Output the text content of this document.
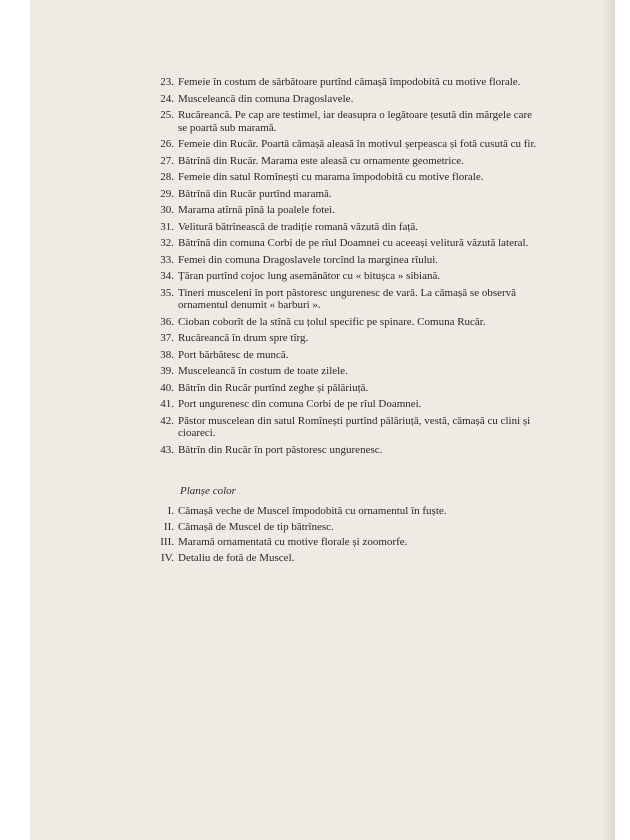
23. Femeie în costum de sărbătoare purtînd cămașă împodobită cu motive florale.
24. Musceleancă din comuna Dragoslavele.
25. Rucăreancă. Pe cap are testimel, iar deasupra o legătoare țesută din mărgele care se poartă sub maramă.
26. Femeie din Rucăr. Poartă cămașă aleasă în motivul șerpeasca și fotă cusută cu fir.
27. Bătrînă din Rucăr. Marama este aleasă cu ornamente geometrice.
28. Femeie din satul Romînești cu marama împodobită cu motive florale.
29. Bătrînă din Rucăr purtînd maramă.
30. Marama atîrnă pînă la poalele fotei.
31. Velitură bătrînească de tradiție romană văzută din față.
32. Bătrînă din comuna Corbi de pe rîul Doamnei cu aceeași velitură văzută lateral.
33. Femei din comuna Dragoslavele torcînd la marginea rîului.
34. Țăran purtînd cojoc lung asemănător cu « bitușca » sibiană.
35. Tineri musceleni în port păstoresc ungurenesc de vară. La cămașă se observă ornamentul denumit « barburi ».
36. Cioban coborît de la stînă cu țolul specific pe spinare. Comuna Rucăr.
37. Rucăreancă în drum spre tîrg.
38. Port bărbătesc de muncă.
39. Musceleancă în costum de toate zilele.
40. Bătrîn din Rucăr purtînd zeghe și pălăriuță.
41. Port ungurenesc din comuna Corbi de pe rîul Doamnei.
42. Păstor muscelean din satul Romînești purtînd pălăriuță, vestă, cămașă cu clini și cioareci.
43. Bătrîn din Rucăr în port păstoresc ungurenesc.
Planșe color
I. Cămașă veche de Muscel împodobită cu ornamentul în fuște.
II. Cămașă de Muscel de tip bătrînesc.
III. Maramă ornamentată cu motive florale și zoomorfe.
IV. Detaliu de fotă de Muscel.
